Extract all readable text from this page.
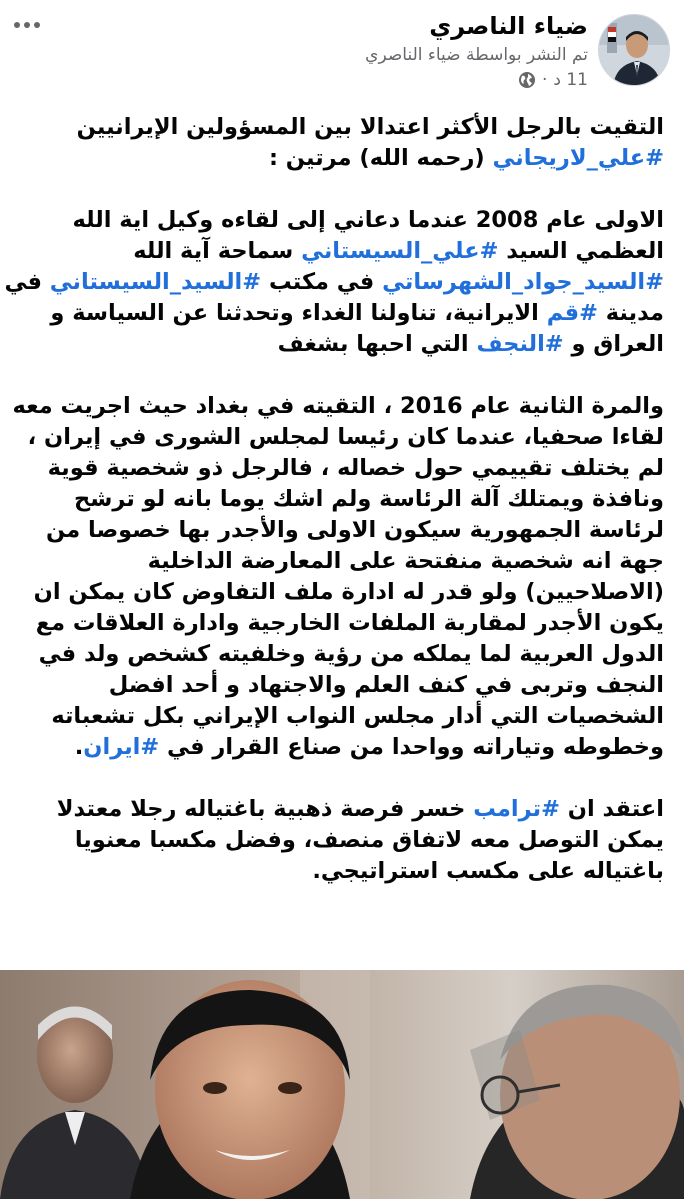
ضياء الناصري
تم النشر بواسطة ضياء الناصري
11 د
·

التقيت بالرجل الأكثر اعتدالا بين المسؤولين الإيرانيين
#علي_لاريجاني (رحمه الله) مرتين :

الاولى عام 2008 عندما دعاني إلى لقاءه وكيل اية الله
العظمي السيد #علي_السيستاني سماحة آية الله
#السيد_جواد_الشهرساتي في مكتب #السيد_السيستاني في
مدينة #قم الايرانية، تناولنا الغداء وتحدثنا عن السياسة و
العراق و #النجف التي احبها بشغف

والمرة الثانية عام 2016 ، التقيته في بغداد حيث اجريت معه
لقاءا صحفيا، عندما كان رئيسا لمجلس الشورى في إيران ،
لم يختلف تقييمي حول خصاله ، فالرجل ذو شخصية قوية
ونافذة ويمتلك آلة الرئاسة ولم اشك يوما بانه لو ترشح
لرئاسة الجمهورية سيكون الاولى والأجدر بها خصوصا من
جهة انه شخصية منفتحة على المعارضة الداخلية
(الاصلاحيين) ولو قدر له ادارة ملف التفاوض كان يمكن ان
يكون الأجدر لمقاربة الملفات الخارجية وادارة العلاقات مع
الدول العربية لما يملكه من رؤية وخلفيته كشخص ولد في
النجف وتربى في كنف العلم والاجتهاد و أحد افضل
الشخصيات التي أدار مجلس النواب الإيراني بكل تشعباته
وخطوطه وتياراته وواحدا من صناع القرار في #ايران.

اعتقد ان #ترامب خسر فرصة ذهبية باغتياله رجلا معتدلا
يمكن التوصل معه لاتفاق منصف، وفضل مكسبا معنويا
باغتياله على مكسب استراتيجي.
